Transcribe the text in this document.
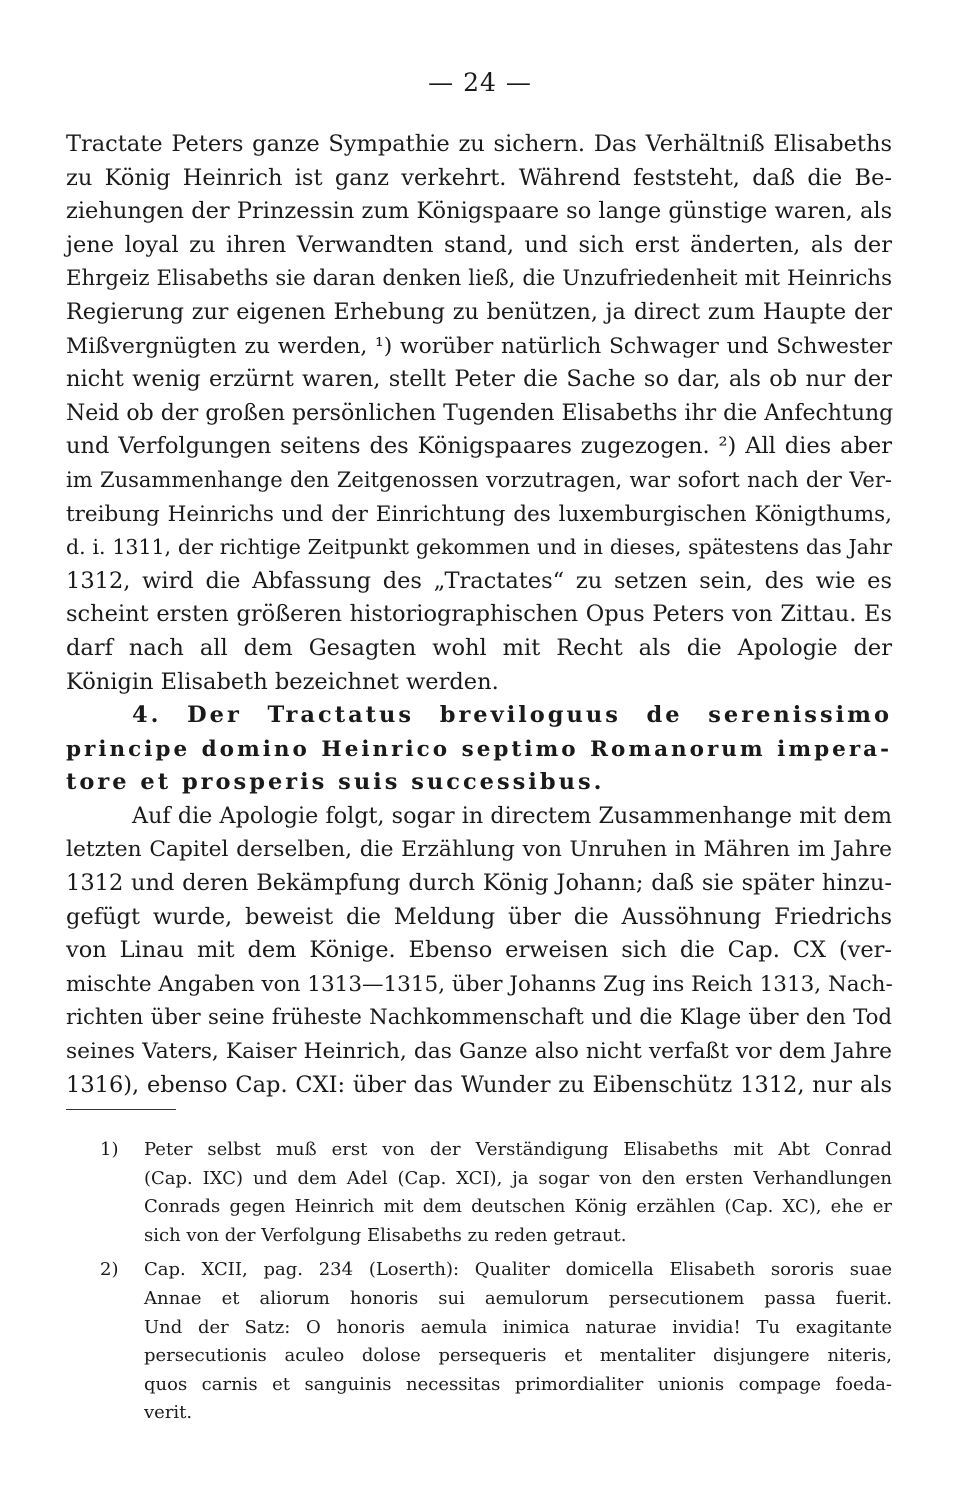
— 24 —
Tractate Peters ganze Sympathie zu sichern. Das Verhältniß Elisabeths
zu König Heinrich ist ganz verkehrt. Während feststeht, daß die Be-
ziehungen der Prinzessin zum Königspaare so lange günstige waren, als
jene loyal zu ihren Verwandten stand, und sich erst änderten, als der
Ehrgeiz Elisabeths sie daran denken ließ, die Unzufriedenheit mit Heinrichs
Regierung zur eigenen Erhebung zu benützen, ja direct zum Haupte der
Mißvergnügten zu werden, ¹) worüber natürlich Schwager und Schwester
nicht wenig erzürnt waren, stellt Peter die Sache so dar, als ob nur der
Neid ob der großen persönlichen Tugenden Elisabeths ihr die Anfechtung
und Verfolgungen seitens des Königspaares zugezogen. ²) All dies aber
im Zusammenhange den Zeitgenossen vorzutragen, war sofort nach der Ver-
treibung Heinrichs und der Einrichtung des luxemburgischen Königthums,
d. i. 1311, der richtige Zeitpunkt gekommen und in dieses, spätestens das Jahr
1312, wird die Abfassung des „Tractates“ zu setzen sein, des wie es
scheint ersten größeren historiographischen Opus Peters von Zittau. Es
darf nach all dem Gesagten wohl mit Recht als die Apologie der
Königin Elisabeth bezeichnet werden.
4. Der Tractatus breviloguus de serenissimo
principe domino Heinrico septimo Romanorum impera-
tore et prosperis suis successibus.
Auf die Apologie folgt, sogar in directem Zusammenhange mit dem
letzten Capitel derselben, die Erzählung von Unruhen in Mähren im Jahre
1312 und deren Bekämpfung durch König Johann; daß sie später hinzu-
gefügt wurde, beweist die Meldung über die Aussöhnung Friedrichs
von Linau mit dem Könige. Ebenso erweisen sich die Cap. CX (ver-
mischte Angaben von 1313—1315, über Johanns Zug ins Reich 1313, Nach-
richten über seine früheste Nachkommenschaft und die Klage über den Tod
seines Vaters, Kaiser Heinrich, das Ganze also nicht verfaßt vor dem Jahre
1316), ebenso Cap. CXI: über das Wunder zu Eibenschütz 1312, nur als
1) Peter selbst muß erst von der Verständigung Elisabeths mit Abt Conrad
(Cap. IXC) und dem Adel (Cap. XCI), ja sogar von den ersten Verhandlungen
Conrads gegen Heinrich mit dem deutschen König erzählen (Cap. XC), ehe er
sich von der Verfolgung Elisabeths zu reden getraut.
2) Cap. XCII, pag. 234 (Loserth): Qualiter domicella Elisabeth sororis suae
Annae et aliorum honoris sui aemulorum persecutionem passa fuerit.
Und der Satz: O honoris aemula inimica naturae invidia! Tu exagitante
persecutionis aculeo dolose persequeris et mentaliter disjungere niteris,
quos carnis et sanguinis necessitas primordialiter unionis compage foeda-
verit.
